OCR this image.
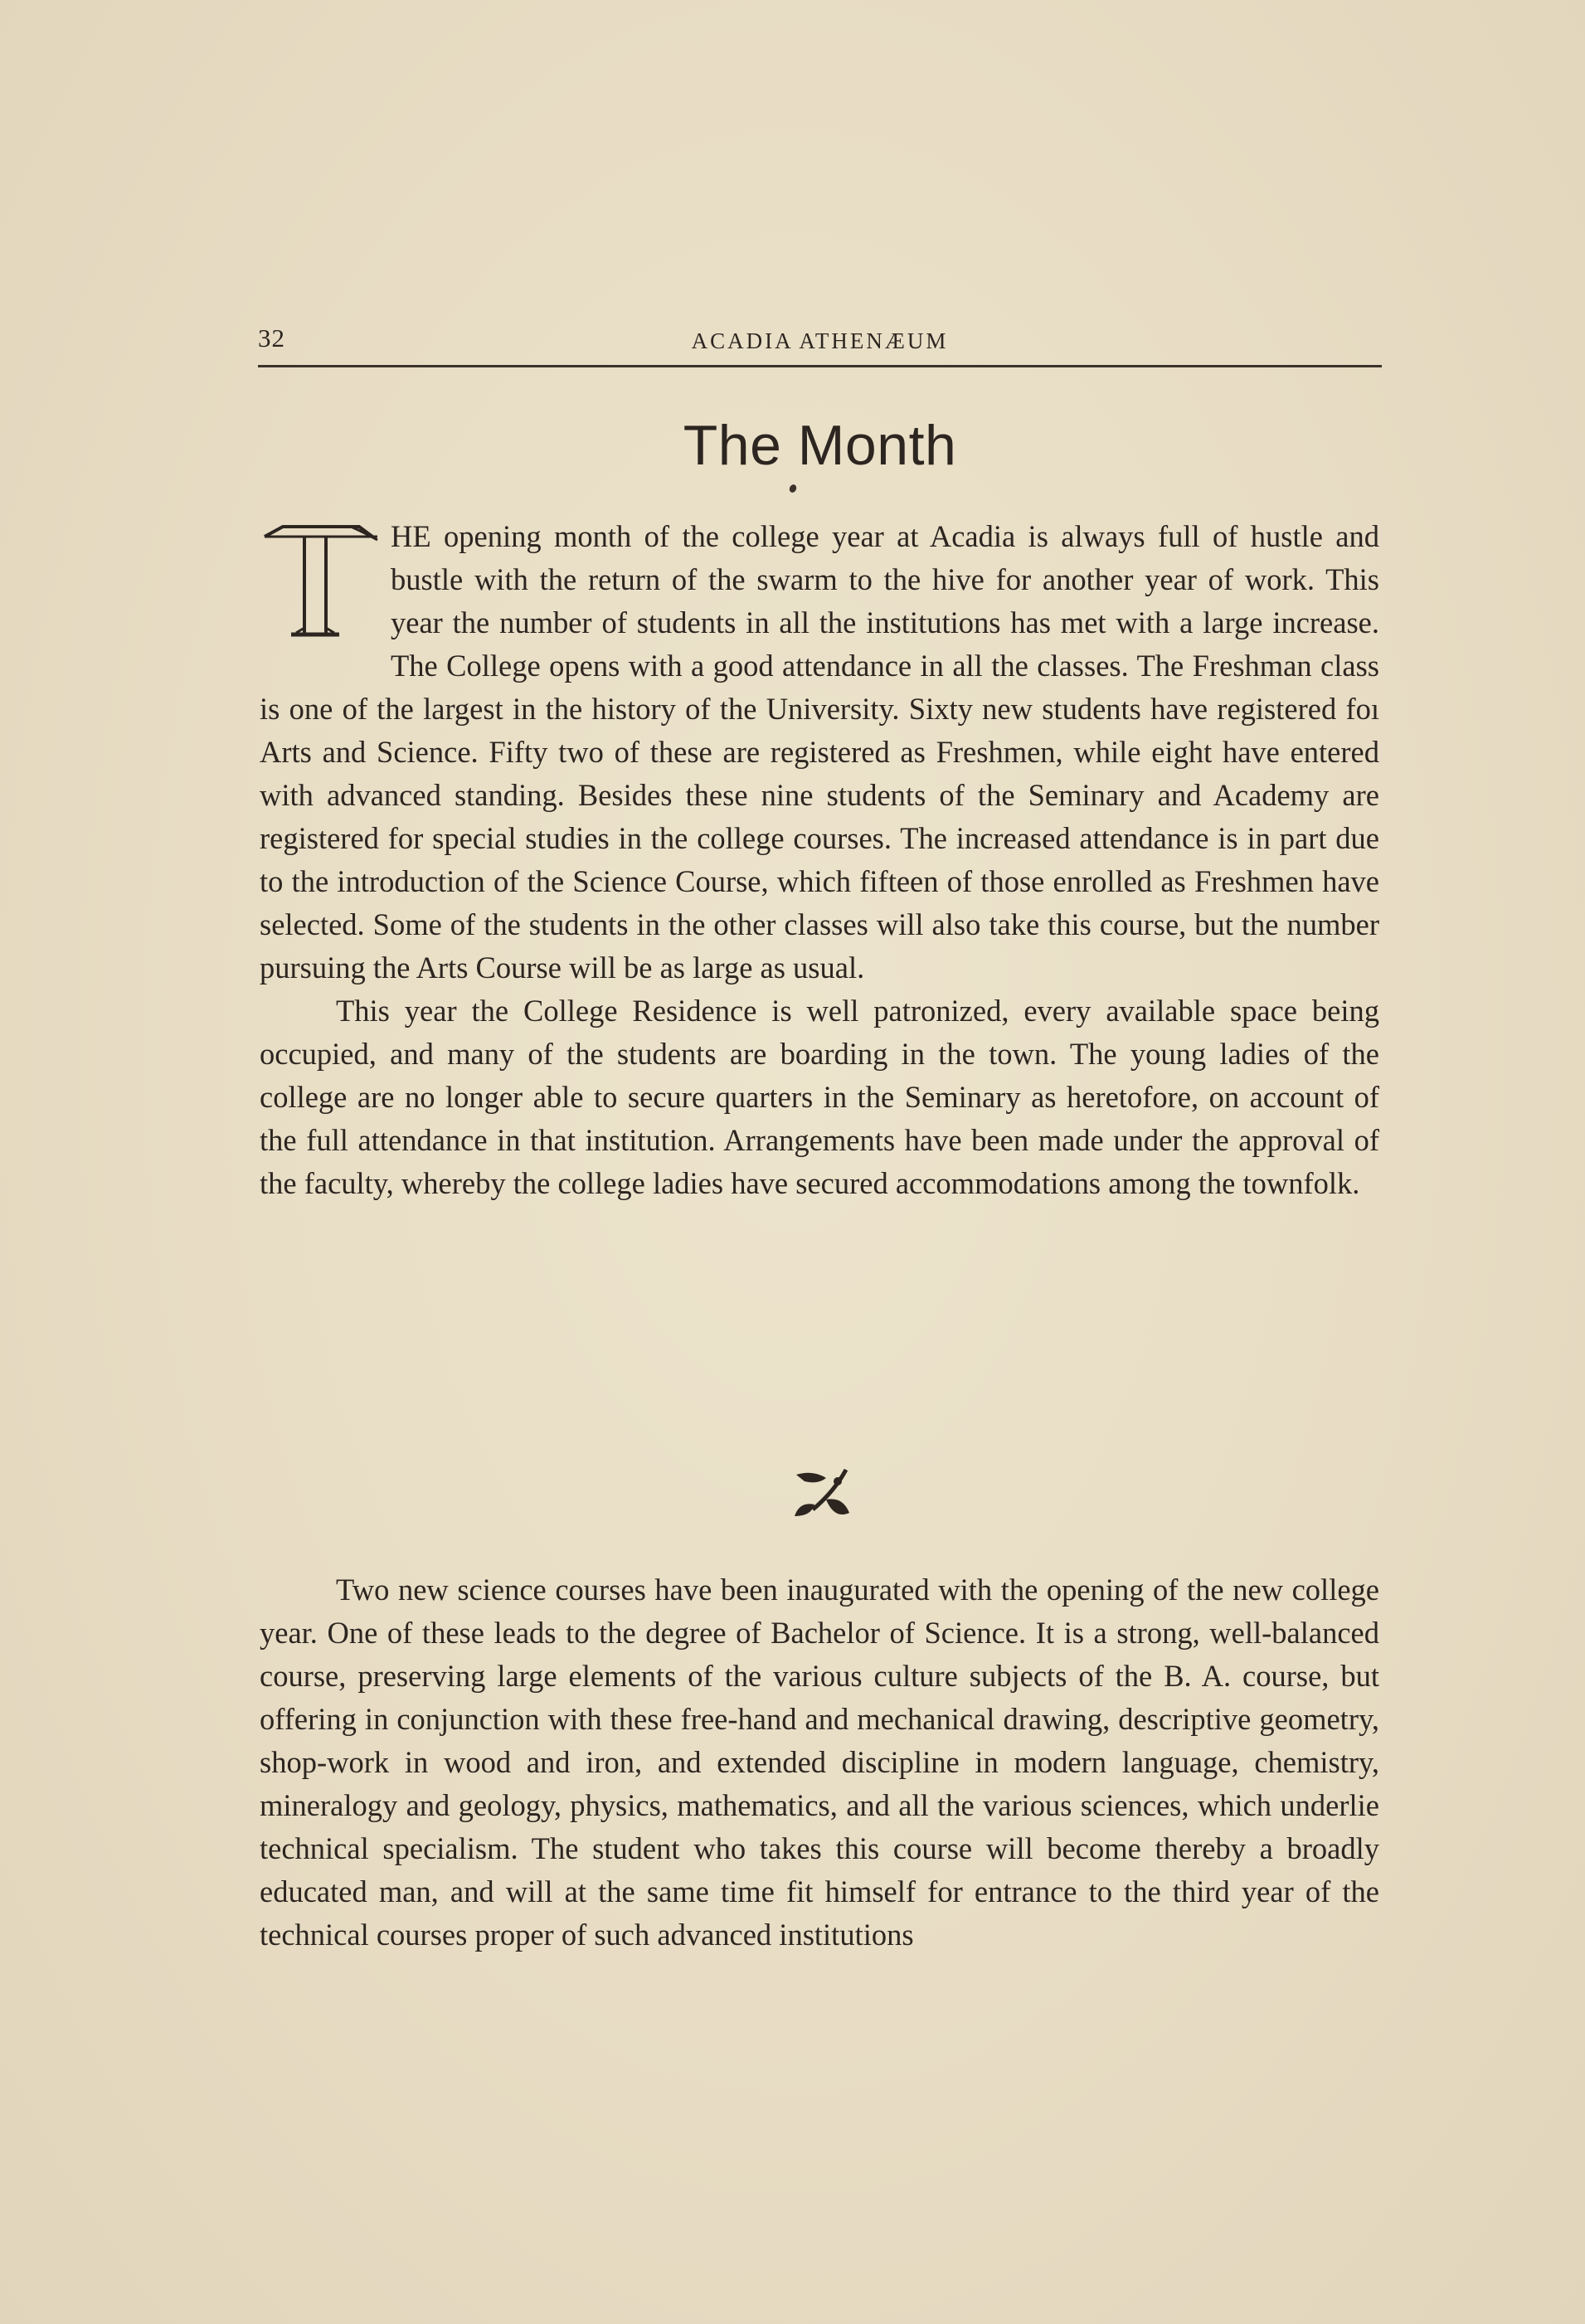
32	ACADIA ATHENÆUM
The Month

HE opening month of the college year at Acadia is always full of hustle and bustle with the return of the swarm to the hive for another year of work. This year the number of students in all the institutions has met with a large increase. The College opens with a good attendance in all the classes. The Freshman class is one of the largest in the history of the University. Sixty new students have registered foı Arts and Science. Fifty two of these are registered as Freshmen, while eight have entered with advanced standing. Besides these nine students of the Seminary and Academy are registered for special studies in the college courses. The increased attendance is in part due to the introduction of the Science Course, which fifteen of those enrolled as Freshmen have selected. Some of the students in the other classes will also take this course, but the number pursuing the Arts Course will be as large as usual.

This year the College Residence is well patronized, every available space being occupied, and many of the students are boarding in the town. The young ladies of the college are no longer able to secure quarters in the Seminary as heretofore, on account of the full attendance in that institution. Arrangements have been made under the approval of the faculty, whereby the college ladies have secured accommodations among the townfolk.

Two new science courses have been inaugurated with the opening of the new college year. One of these leads to the degree of Bachelor of Science. It is a strong, well-balanced course, preserving large elements of the various culture subjects of the B. A. course, but offering in conjunction with these free-hand and mechanical drawing, descriptive geometry, shop-work in wood and iron, and extended discipline in modern language, chemistry, mineralogy and geology, physics, mathematics, and all the various sciences, which underlie technical specialism. The student who takes this course will become thereby a broadly educated man, and will at the same time fit himself for entrance to the third year of the technical courses proper of such advanced institutions
